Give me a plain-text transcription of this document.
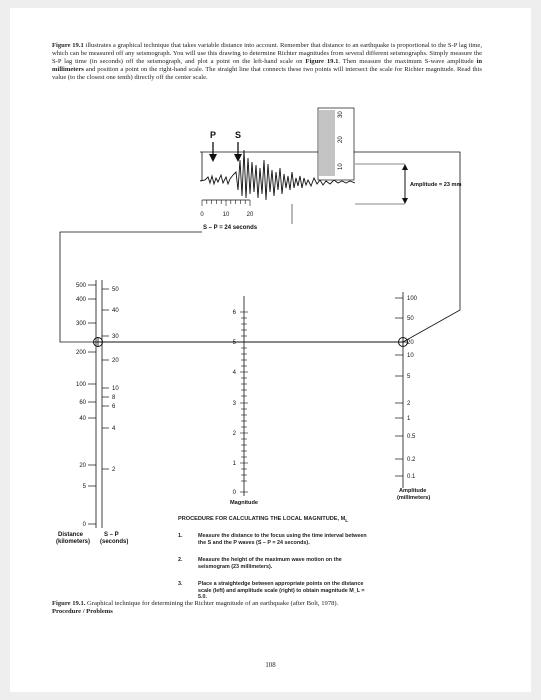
Figure 19.1 illustrates a graphical technique that takes variable distance into account. Remember that distance to an earthquake is proportional to the S-P lag time, which can be measured off any seismograph. You will use this drawing to determine Richter magnitudes from several different seismographs. Simply measure the S-P lag time (in seconds) off the seismograph, and plot a point on the left-hand scale on Figure 19.1. Then measure the maximum S-wave amplitude in millimeters and position a point on the right-hand scale. The straight line that connects these two points will intersect the scale for Richter magnitude. Read this value (to the closest one tenth) directly off the center scale.
P S
0	10	20
S – P = 24 seconds
10
20
30
Amplitude = 23 mm
500
400
300
200
100
60
40
20
5
0
50
40
30
20
10
8
6
4
2
Distance
(kilometers)
S – P
(seconds)
6
5
4
3
2
1
0
Magnitude
100
50
20
10
5
2
1
0.5
0.2
0.1
Amplitude
(millimeters)
PROCEDURE FOR CALCULATING THE LOCAL MAGNITUDE, $M_L$
1.	Measure the distance to the focus using the time interval between the S and the P waves (S – P = 24 seconds).
2.	Measure the height of the maximum wave motion on the seismogram (23 millimeters).
3.	Place a straightedge between appropriate points on the distance scale (left) and amplitude scale (right) to obtain magnitude M_L = 5.0.
Figure 19.1. Graphical technique for determining the Richter magnitude of an earthquake (after Bolt, 1978).
Procedure / Problems
108
